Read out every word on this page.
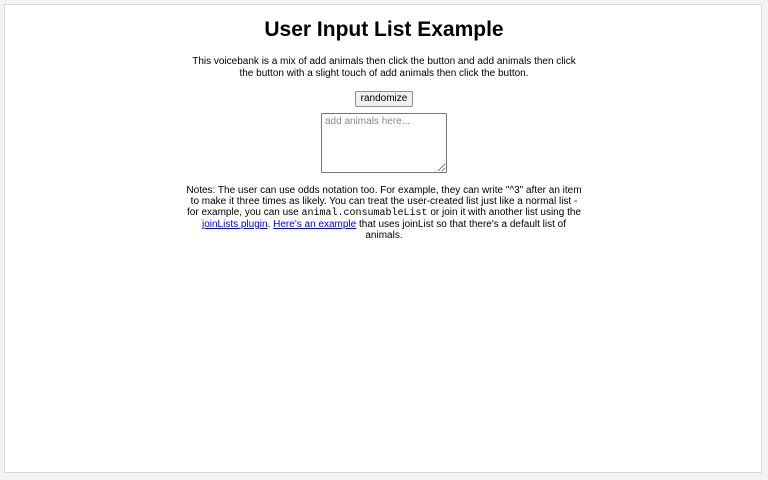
User Input List Example
This voicebank is a mix of add animals then click the button and add animals then click the button with a slight touch of add animals then click the button.
randomize
add animals here...
Notes: The user can use odds notation too. For example, they can write "^3" after an item to make it three times as likely. You can treat the user-created list just like a normal list - for example, you can use animal.consumableList or join it with another list using the joinLists plugin. Here's an example that uses joinList so that there's a default list of animals.
